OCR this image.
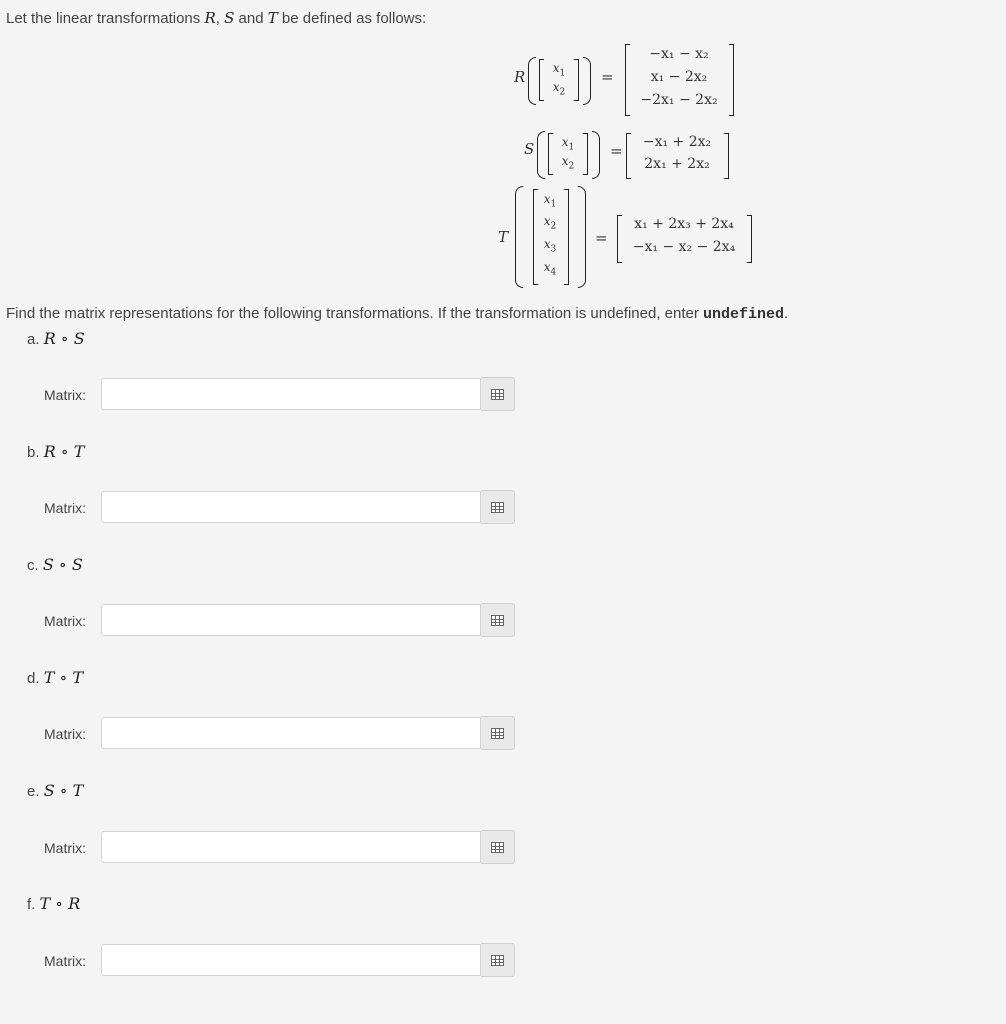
Let the linear transformations R, S and T be defined as follows:
R	$x_1$
$x_2$
=
−x₁ − x₂
x₁ − 2x₂
−2x₁ − 2x₂
S	$x_1$
$x_2$
=	−x₁ + 2x₂
2x₁ + 2x₂
T
$x_1$
$x_2$
$x_3$
$x_4$
=
x₁ + 2x₃ + 2x₄
−x₁ − x₂ − 2x₄
Find the matrix representations for the following transformations. If the transformation is undefined, enter undefined.
a. R ∘ S
Matrix:
b. R ∘ T
Matrix:
c. S ∘ S
Matrix:
d. T ∘ T
Matrix:
e. S ∘ T
Matrix:
f. T ∘ R
Matrix:
